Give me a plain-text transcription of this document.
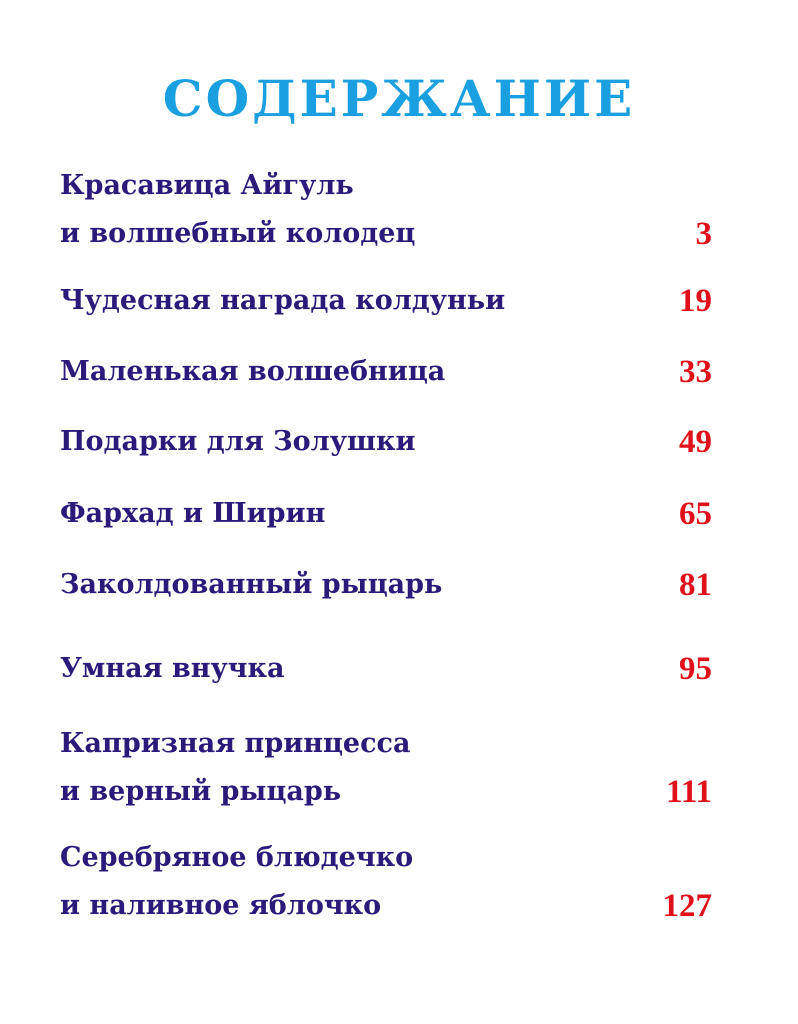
СОДЕРЖАНИЕ
Красавица Айгуль
и волшебный колодец	3
Чудесная награда колдуньи	19
Маленькая волшебница	33
Подарки для Золушки	49
Фархад и Ширин	65
Заколдованный рыцарь	81
Умная внучка	95
Капризная принцесса
и верный рыцарь	111
Серебряное блюдечко
и наливное яблочко	127
